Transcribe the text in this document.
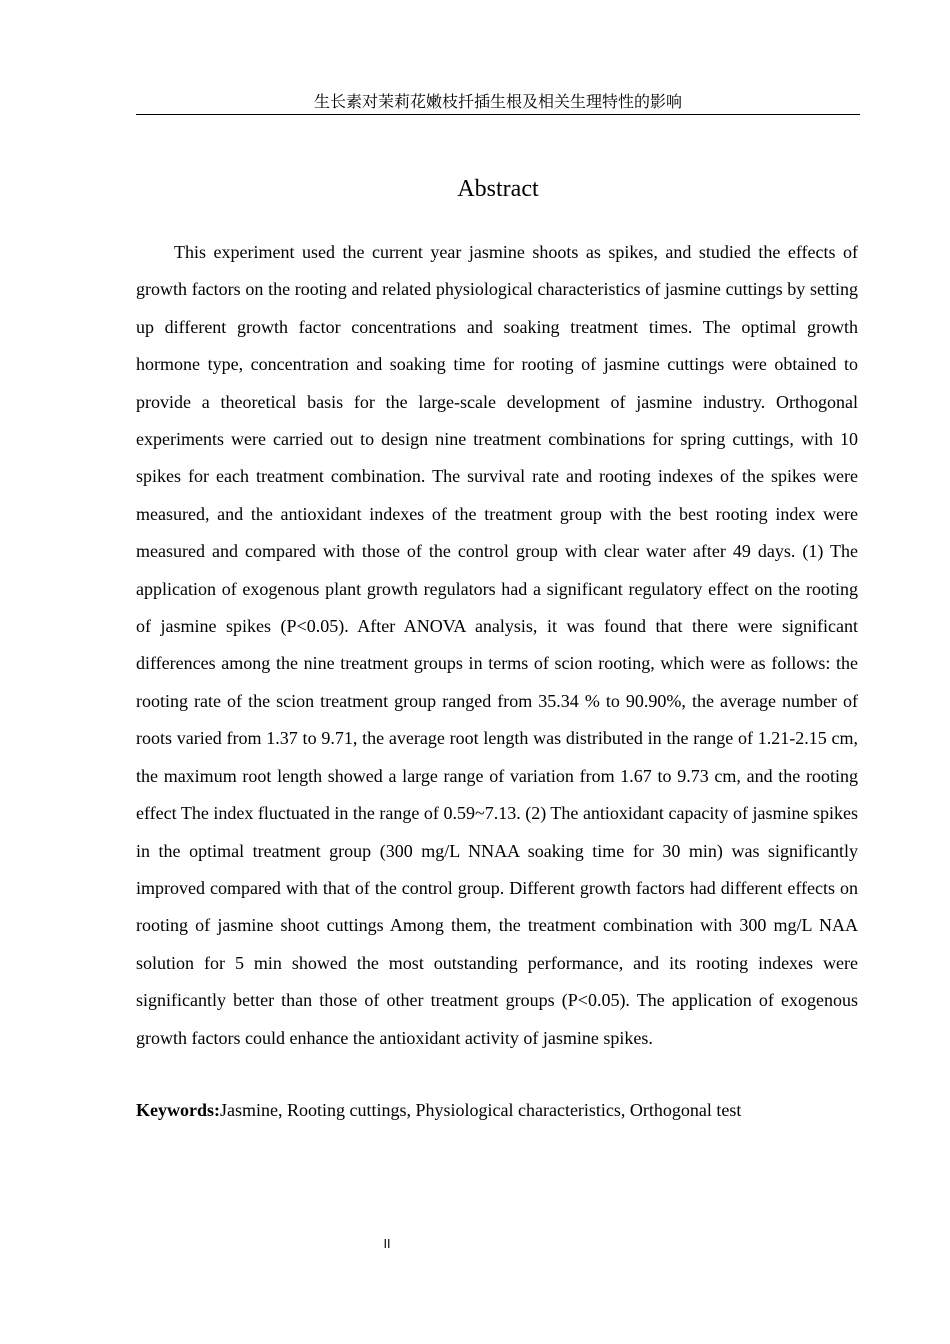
生长素对茉莉花嫩枝扦插生根及相关生理特性的影响
Abstract

This experiment used the current year jasmine shoots as spikes, and studied the effects of growth factors on the rooting and related physiological characteristics of jasmine cuttings by setting up different growth factor concentrations and soaking treatment times. The optimal growth hormone type, concentration and soaking time for rooting of jasmine cuttings were obtained to provide a theoretical basis for the large-scale development of jasmine industry. Orthogonal experiments were carried out to design nine treatment combinations for spring cuttings, with 10 spikes for each treatment combination. The survival rate and rooting indexes of the spikes were measured, and the antioxidant indexes of the treatment group with the best rooting index were measured and compared with those of the control group with clear water after 49 days. (1) The application of exogenous plant growth regulators had a significant regulatory effect on the rooting of jasmine spikes (P<0.05). After ANOVA analysis, it was found that there were significant differences among the nine treatment groups in terms of scion rooting, which were as follows: the rooting rate of the scion treatment group ranged from 35.34 % to 90.90%, the average number of roots varied from 1.37 to 9.71, the average root length was distributed in the range of 1.21-2.15 cm, the maximum root length showed a large range of variation from 1.67 to 9.73 cm, and the rooting effect The index fluctuated in the range of 0.59~7.13. (2) The antioxidant capacity of jasmine spikes in the optimal treatment group (300 mg/L NNAA soaking time for 30 min) was significantly improved compared with that of the control group. Different growth factors had different effects on rooting of jasmine shoot cuttings Among them, the treatment combination with 300 mg/L NAA solution for 5 min showed the most outstanding performance, and its rooting indexes were significantly better than those of other treatment groups (P<0.05). The application of exogenous growth factors could enhance the antioxidant activity of jasmine spikes.

Keywords:Jasmine, Rooting cuttings, Physiological characteristics, Orthogonal test
II
